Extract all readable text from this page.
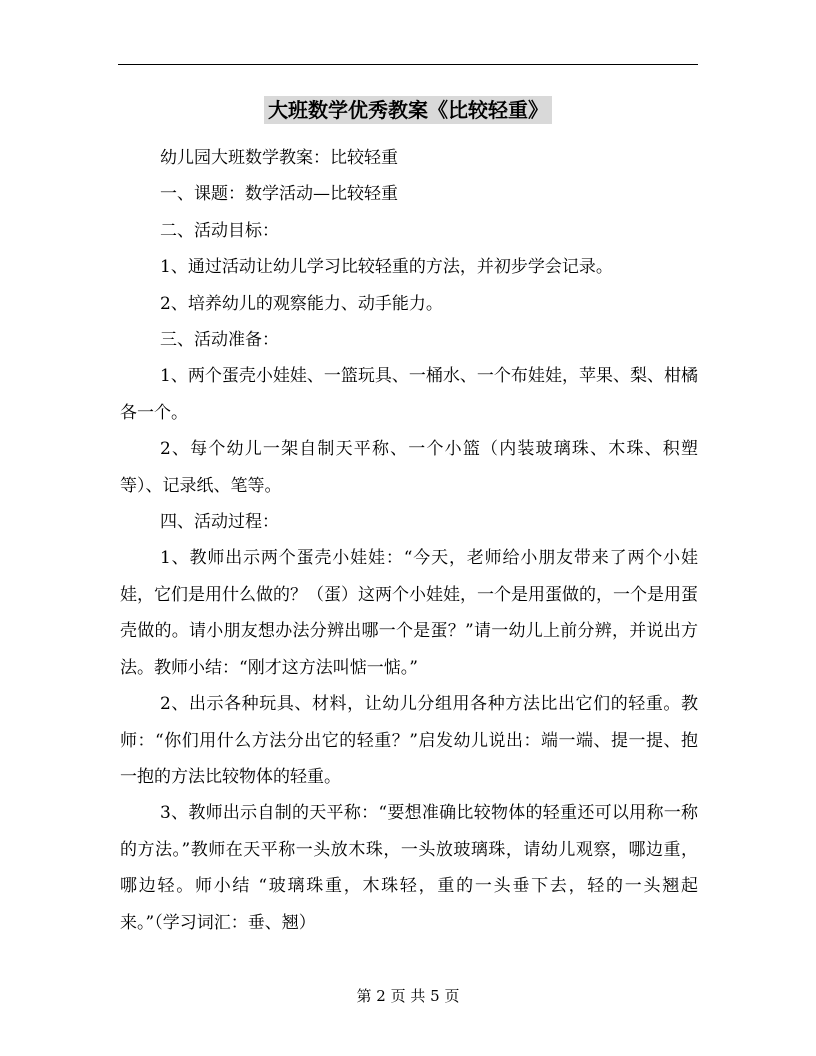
大班数学优秀教案《比较轻重》

幼儿园大班数学教案：比较轻重

一、课题：数学活动—比较轻重

二、活动目标：

1、通过活动让幼儿学习比较轻重的方法，并初步学会记录。

2、培养幼儿的观察能力、动手能力。

三、活动准备：

1、两个蛋壳小娃娃、一篮玩具、一桶水、一个布娃娃，苹果、梨、柑橘各一个。

2、每个幼儿一架自制天平称、一个小篮（内装玻璃珠、木珠、积塑等）、记录纸、笔等。

四、活动过程：

1、教师出示两个蛋壳小娃娃：“今天，老师给小朋友带来了两个小娃娃，它们是用什么做的？（蛋）这两个小娃娃，一个是用蛋做的，一个是用蛋壳做的。请小朋友想办法分辨出哪一个是蛋？”请一幼儿上前分辨，并说出方法。教师小结：“刚才这方法叫惦一惦。”

2、出示各种玩具、材料，让幼儿分组用各种方法比出它们的轻重。教师：“你们用什么方法分出它的轻重？”启发幼儿说出：端一端、提一提、抱一抱的方法比较物体的轻重。

3、教师出示自制的天平称：“要想准确比较物体的轻重还可以用称一称的方法。”教师在天平称一头放木珠，一头放玻璃珠，请幼儿观察，哪边重，哪边轻。师小结 “玻璃珠重，木珠轻，重的一头垂下去，轻的一头翘起来。”（学习词汇：垂、翘）

第 2 页 共 5 页
